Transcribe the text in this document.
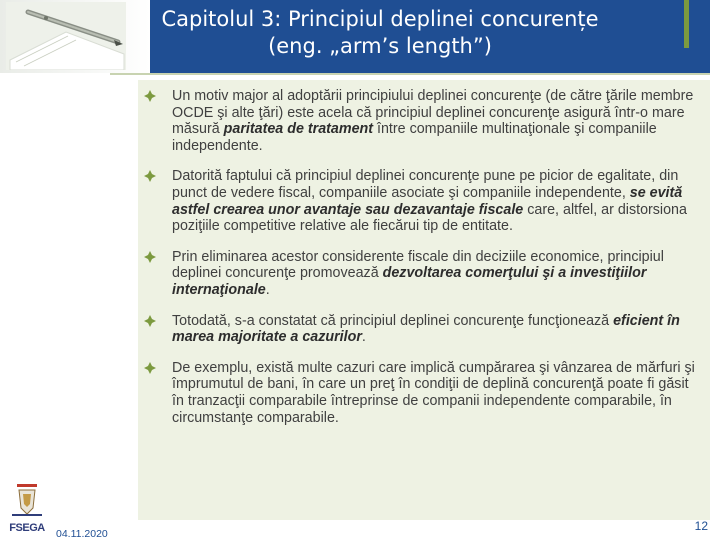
Capitolul 3: Principiul deplinei concurențe
(eng. „arm’s length”)
Un motiv major al adoptării principiului deplinei concurenţe (de către ţările membre OCDE şi alte ţări) este acela că principiul deplinei concurenţe asigură într-o mare măsură paritatea de tratament între companiile multinaţionale şi companiile independente.
Datorită faptului că principiul deplinei concurenţe pune pe picior de egalitate, din punct de vedere fiscal, companiile asociate şi companiile independente, se evită astfel crearea unor avantaje sau dezavantaje fiscale care, altfel, ar distorsiona poziţiile competitive relative ale fiecărui tip de entitate.
Prin eliminarea acestor considerente fiscale din deciziile economice, principiul deplinei concurenţe promovează dezvoltarea comerţului şi a investiţiilor internaţionale.
Totodată, s-a constatat că principiul deplinei concurenţe funcţionează eficient în marea majoritate a cazurilor.
De exemplu, există multe cazuri care implică cumpărarea şi vânzarea de mărfuri şi împrumutul de bani, în care un preţ în condiţii de deplină concurenţă poate fi găsit în tranzacţii comparabile întreprinse de companii independente comparabile, în circumstanţe comparabile.
FSEGA	04.11.2020
12
